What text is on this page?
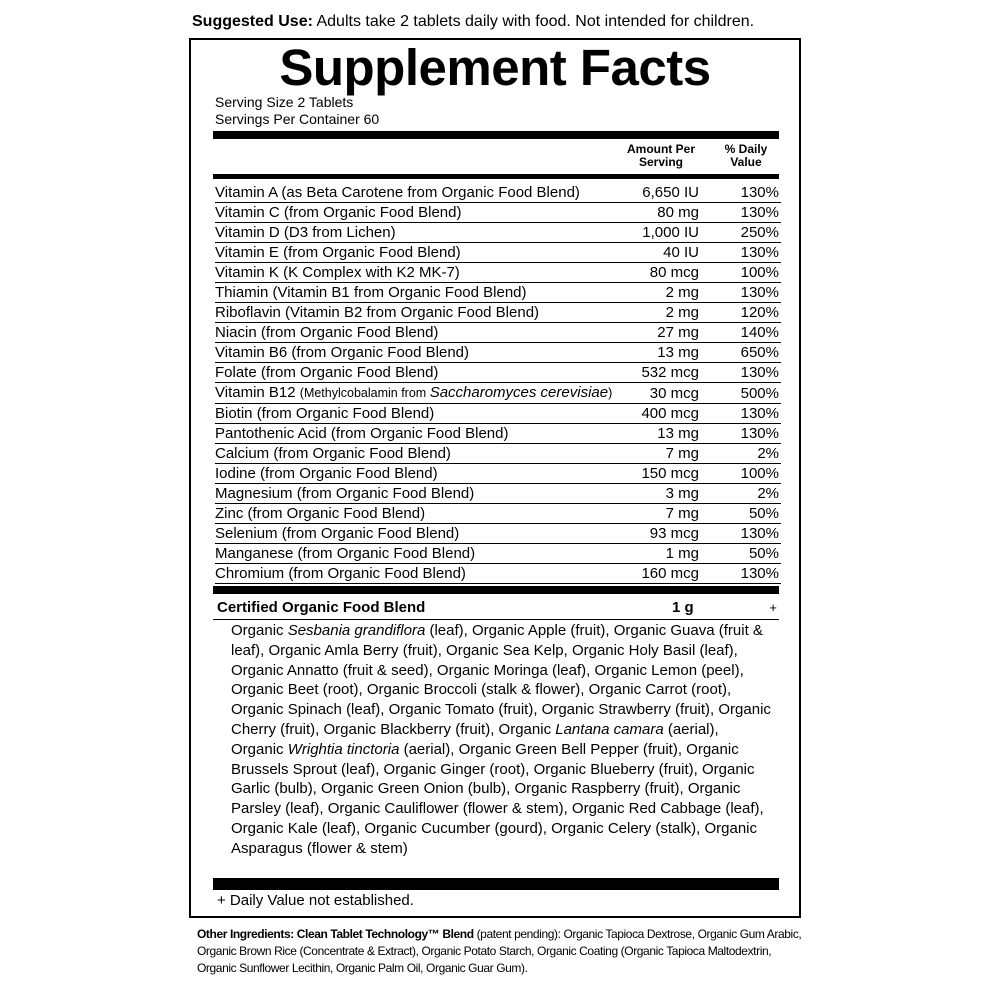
Suggested Use: Adults take 2 tablets daily with food. Not intended for children.
Supplement Facts
Serving Size 2 Tablets
Servings Per Container 60
Amount Per Serving
% Daily Value
Vitamin A (as Beta Carotene from Organic Food Blend)	6,650 IU	130%
Vitamin C (from Organic Food Blend)	80 mg	130%
Vitamin D (D3 from Lichen)	1,000 IU	250%
Vitamin E (from Organic Food Blend)	40 IU	130%
Vitamin K (K Complex with K2 MK-7)	80 mcg	100%
Thiamin (Vitamin B1 from Organic Food Blend)	2 mg	130%
Riboflavin (Vitamin B2 from Organic Food Blend)	2 mg	120%
Niacin (from Organic Food Blend)	27 mg	140%
Vitamin B6 (from Organic Food Blend)	13 mg	650%
Folate (from Organic Food Blend)	532 mcg	130%
Vitamin B12 (Methylcobalamin from Saccharomyces cerevisiae)	30 mcg	500%
Biotin (from Organic Food Blend)	400 mcg	130%
Pantothenic Acid (from Organic Food Blend)	13 mg	130%
Calcium (from Organic Food Blend)	7 mg	2%
Iodine (from Organic Food Blend)	150 mcg	100%
Magnesium (from Organic Food Blend)	3 mg	2%
Zinc (from Organic Food Blend)	7 mg	50%
Selenium (from Organic Food Blend)	93 mcg	130%
Manganese (from Organic Food Blend)	1 mg	50%
Chromium (from Organic Food Blend)	160 mcg	130%
Certified Organic Food Blend	1 g	+
Organic Sesbania grandiflora (leaf), Organic Apple (fruit), Organic Guava (fruit & leaf), Organic Amla Berry (fruit), Organic Sea Kelp, Organic Holy Basil (leaf), Organic Annatto (fruit & seed), Organic Moringa (leaf), Organic Lemon (peel), Organic Beet (root), Organic Broccoli (stalk & flower), Organic Carrot (root), Organic Spinach (leaf), Organic Tomato (fruit), Organic Strawberry (fruit), Organic Cherry (fruit), Organic Blackberry (fruit), Organic Lantana camara (aerial), Organic Wrightia tinctoria (aerial), Organic Green Bell Pepper (fruit), Organic Brussels Sprout (leaf), Organic Ginger (root), Organic Blueberry (fruit), Organic Garlic (bulb), Organic Green Onion (bulb), Organic Raspberry (fruit), Organic Parsley (leaf), Organic Cauliflower (flower & stem), Organic Red Cabbage (leaf), Organic Kale (leaf), Organic Cucumber (gourd), Organic Celery (stalk), Organic Asparagus (flower & stem)
+ Daily Value not established.
Other Ingredients: Clean Tablet Technology™ Blend (patent pending): Organic Tapioca Dextrose, Organic Gum Arabic, Organic Brown Rice (Concentrate & Extract), Organic Potato Starch, Organic Coating (Organic Tapioca Maltodextrin, Organic Sunflower Lecithin, Organic Palm Oil, Organic Guar Gum).
